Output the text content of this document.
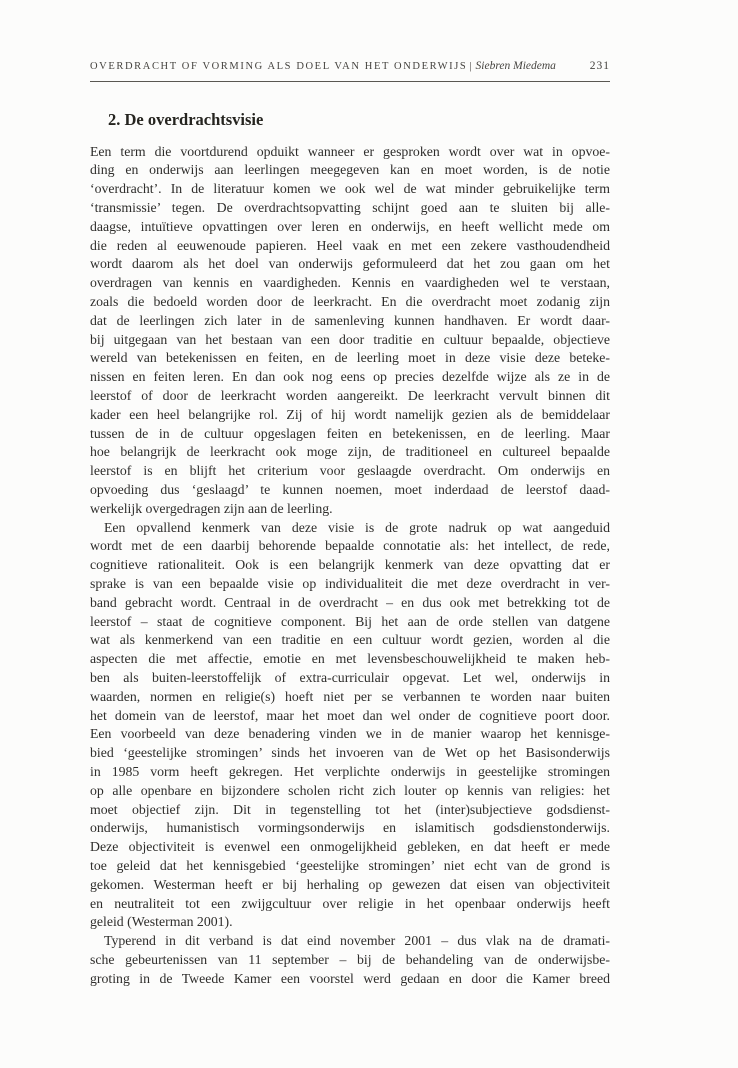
OVERDRACHT OF VORMING ALS DOEL VAN HET ONDERWIJS | Siebren Miedema	231
2. De overdrachtsvisie
Een term die voortdurend opduikt wanneer er gesproken wordt over wat in opvoe-
ding en onderwijs aan leerlingen meegegeven kan en moet worden, is de notie
‘overdracht’. In de literatuur komen we ook wel de wat minder gebruikelijke term
‘transmissie’ tegen. De overdrachtsopvatting schijnt goed aan te sluiten bij alle-
daagse, intuïtieve opvattingen over leren en onderwijs, en heeft wellicht mede om
die reden al eeuwenoude papieren. Heel vaak en met een zekere vasthoudendheid
wordt daarom als het doel van onderwijs geformuleerd dat het zou gaan om het
overdragen van kennis en vaardigheden. Kennis en vaardigheden wel te verstaan,
zoals die bedoeld worden door de leerkracht. En die overdracht moet zodanig zijn
dat de leerlingen zich later in de samenleving kunnen handhaven. Er wordt daar-
bij uitgegaan van het bestaan van een door traditie en cultuur bepaalde, objectieve
wereld van betekenissen en feiten, en de leerling moet in deze visie deze beteke-
nissen en feiten leren. En dan ook nog eens op precies dezelfde wijze als ze in de
leerstof of door de leerkracht worden aangereikt. De leerkracht vervult binnen dit
kader een heel belangrijke rol. Zij of hij wordt namelijk gezien als de bemiddelaar
tussen de in de cultuur opgeslagen feiten en betekenissen, en de leerling. Maar
hoe belangrijk de leerkracht ook moge zijn, de traditioneel en cultureel bepaalde
leerstof is en blijft het criterium voor geslaagde overdracht. Om onderwijs en
opvoeding dus ‘geslaagd’ te kunnen noemen, moet inderdaad de leerstof daad-
werkelijk overgedragen zijn aan de leerling.
Een opvallend kenmerk van deze visie is de grote nadruk op wat aangeduid
wordt met de een daarbij behorende bepaalde connotatie als: het intellect, de rede,
cognitieve rationaliteit. Ook is een belangrijk kenmerk van deze opvatting dat er
sprake is van een bepaalde visie op individualiteit die met deze overdracht in ver-
band gebracht wordt. Centraal in de overdracht – en dus ook met betrekking tot de
leerstof – staat de cognitieve component. Bij het aan de orde stellen van datgene
wat als kenmerkend van een traditie en een cultuur wordt gezien, worden al die
aspecten die met affectie, emotie en met levensbeschouwelijkheid te maken heb-
ben als buiten-leerstoffelijk of extra-curriculair opgevat. Let wel, onderwijs in
waarden, normen en religie(s) hoeft niet per se verbannen te worden naar buiten
het domein van de leerstof, maar het moet dan wel onder de cognitieve poort door.
Een voorbeeld van deze benadering vinden we in de manier waarop het kennisge-
bied ‘geestelijke stromingen’ sinds het invoeren van de Wet op het Basisonderwijs
in 1985 vorm heeft gekregen. Het verplichte onderwijs in geestelijke stromingen
op alle openbare en bijzondere scholen richt zich louter op kennis van religies: het
moet objectief zijn. Dit in tegenstelling tot het (inter)subjectieve godsdienst-
onderwijs, humanistisch vormingsonderwijs en islamitisch godsdienstonderwijs.
Deze objectiviteit is evenwel een onmogelijkheid gebleken, en dat heeft er mede
toe geleid dat het kennisgebied ‘geestelijke stromingen’ niet echt van de grond is
gekomen. Westerman heeft er bij herhaling op gewezen dat eisen van objectiviteit
en neutraliteit tot een zwijgcultuur over religie in het openbaar onderwijs heeft
geleid (Westerman 2001).
Typerend in dit verband is dat eind november 2001 – dus vlak na de dramati-
sche gebeurtenissen van 11 september – bij de behandeling van de onderwijsbe-
groting in de Tweede Kamer een voorstel werd gedaan en door die Kamer breed
